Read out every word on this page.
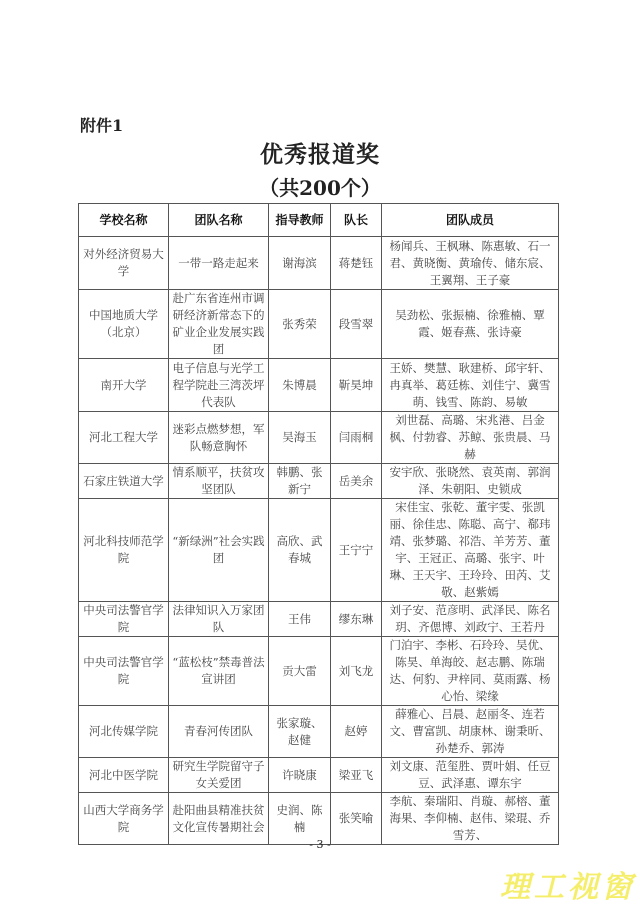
附件1
优秀报道奖
（共200个）
学校名称	团队名称	指导教师	队长	团队成员
对外经济贸易大学	一带一路走起来	谢海滨	蒋楚钰	杨闻兵、王枫琳、陈惠敏、石一君、黄晓衡、黄瑜传、储东宸、王翼翔、王子豪
中国地质大学（北京）	赴广东省连州市调研经济新常态下的矿业企业发展实践团	张秀荣	段雪翠	吴劲松、张振楠、徐雅楠、覃霞、姬春燕、张诗豪
南开大学	电子信息与光学工程学院赴三湾茨坪代表队	朱博晨	靳昊坤	王娇、樊慧、耿建桥、邱宇轩、冉真举、葛廷栋、刘佳宁、冀雪萌、钱雪、陈韵、易敏
河北工程大学	迷彩点燃梦想，军队畅意胸怀	吴海玉	闫雨桐	刘世磊、高璐、宋兆港、吕金枫、付勃睿、苏鲸、张贵晨、马赫
石家庄铁道大学	情系顺平，扶贫攻坚团队	韩鹏、张新宁	岳美余	安宇欣、张晓然、袁英南、郭润泽、朱朝阳、史锁成
河北科技师范学院	“新绿洲”社会实践团	高欣、武春城	王宁宁	宋佳宝、张乾、董宇雯、张凯丽、徐佳忠、陈聪、高宁、郗玮靖、张梦璐、祁浩、羊芳芳、董宇、王冠正、高璐、张宇、叶琳、王天宇、王玲玲、田芮、艾敬、赵紫嫣
中央司法警官学院	法律知识入万家团队	王伟	缪东琳	刘子安、范彦明、武泽民、陈名玥、齐偲博、刘政宁、王若丹
中央司法警官学院	“蓝松枝”禁毒普法宣讲团	贡大雷	刘飞龙	门泊宇、李彬、石玲玲、吴优、陈昊、单海皎、赵志鹏、陈瑞达、何豹、尹梓同、莫雨露、杨心怡、梁缘
河北传媒学院	青春河传团队	张家璇、赵健	赵婷	薛雅心、吕晨、赵丽冬、连若文、曹富凯、胡康林、谢秉昕、孙楚乔、郭涛
河北中医学院	研究生学院留守子女关爱团	许晓康	梁亚飞	刘文康、范玺胜、贾叶娟、任豆豆、武泽惠、谭东宇
山西大学商务学院	赴阳曲县精准扶贫文化宣传暑期社会	史润、陈楠	张笑喻	李航、秦瑞阳、肖璇、郝榕、董海果、李仰楠、赵伟、梁琨、乔雪芳、
- 3 -
理工视窗
